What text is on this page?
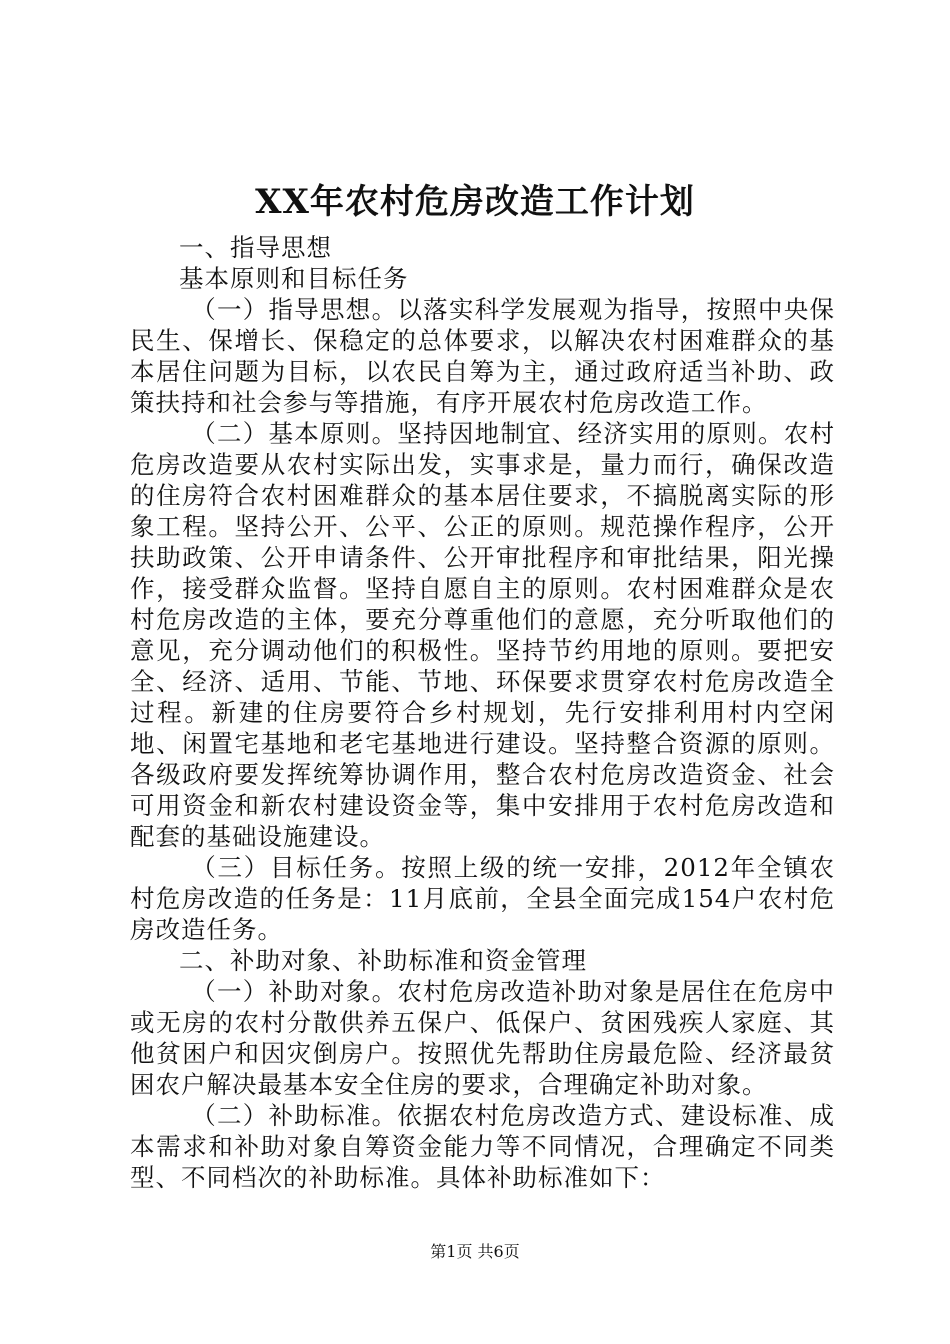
XX年农村危房改造工作计划

一、指导思想

基本原则和目标任务

（一）指导思想。以落实科学发展观为指导，按照中央保民生、保增长、保稳定的总体要求，以解决农村困难群众的基本居住问题为目标，以农民自筹为主，通过政府适当补助、政策扶持和社会参与等措施，有序开展农村危房改造工作。

（二）基本原则。坚持因地制宜、经济实用的原则。农村危房改造要从农村实际出发，实事求是，量力而行，确保改造的住房符合农村困难群众的基本居住要求，不搞脱离实际的形象工程。坚持公开、公平、公正的原则。规范操作程序，公开扶助政策、公开申请条件、公开审批程序和审批结果，阳光操作，接受群众监督。坚持自愿自主的原则。农村困难群众是农村危房改造的主体，要充分尊重他们的意愿，充分听取他们的意见，充分调动他们的积极性。坚持节约用地的原则。要把安全、经济、适用、节能、节地、环保要求贯穿农村危房改造全过程。新建的住房要符合乡村规划，先行安排利用村内空闲地、闲置宅基地和老宅基地进行建设。坚持整合资源的原则。各级政府要发挥统筹协调作用，整合农村危房改造资金、社会可用资金和新农村建设资金等，集中安排用于农村危房改造和配套的基础设施建设。

（三）目标任务。按照上级的统一安排，2012年全镇农村危房改造的任务是：11月底前，全县全面完成154户农村危房改造任务。

二、补助对象、补助标准和资金管理

（一）补助对象。农村危房改造补助对象是居住在危房中或无房的农村分散供养五保户、低保户、贫困残疾人家庭、其他贫困户和因灾倒房户。按照优先帮助住房最危险、经济最贫困农户解决最基本安全住房的要求，合理确定补助对象。

（二）补助标准。依据农村危房改造方式、建设标准、成本需求和补助对象自筹资金能力等不同情况，合理确定不同类型、不同档次的补助标准。具体补助标准如下：

第1页 共6页
